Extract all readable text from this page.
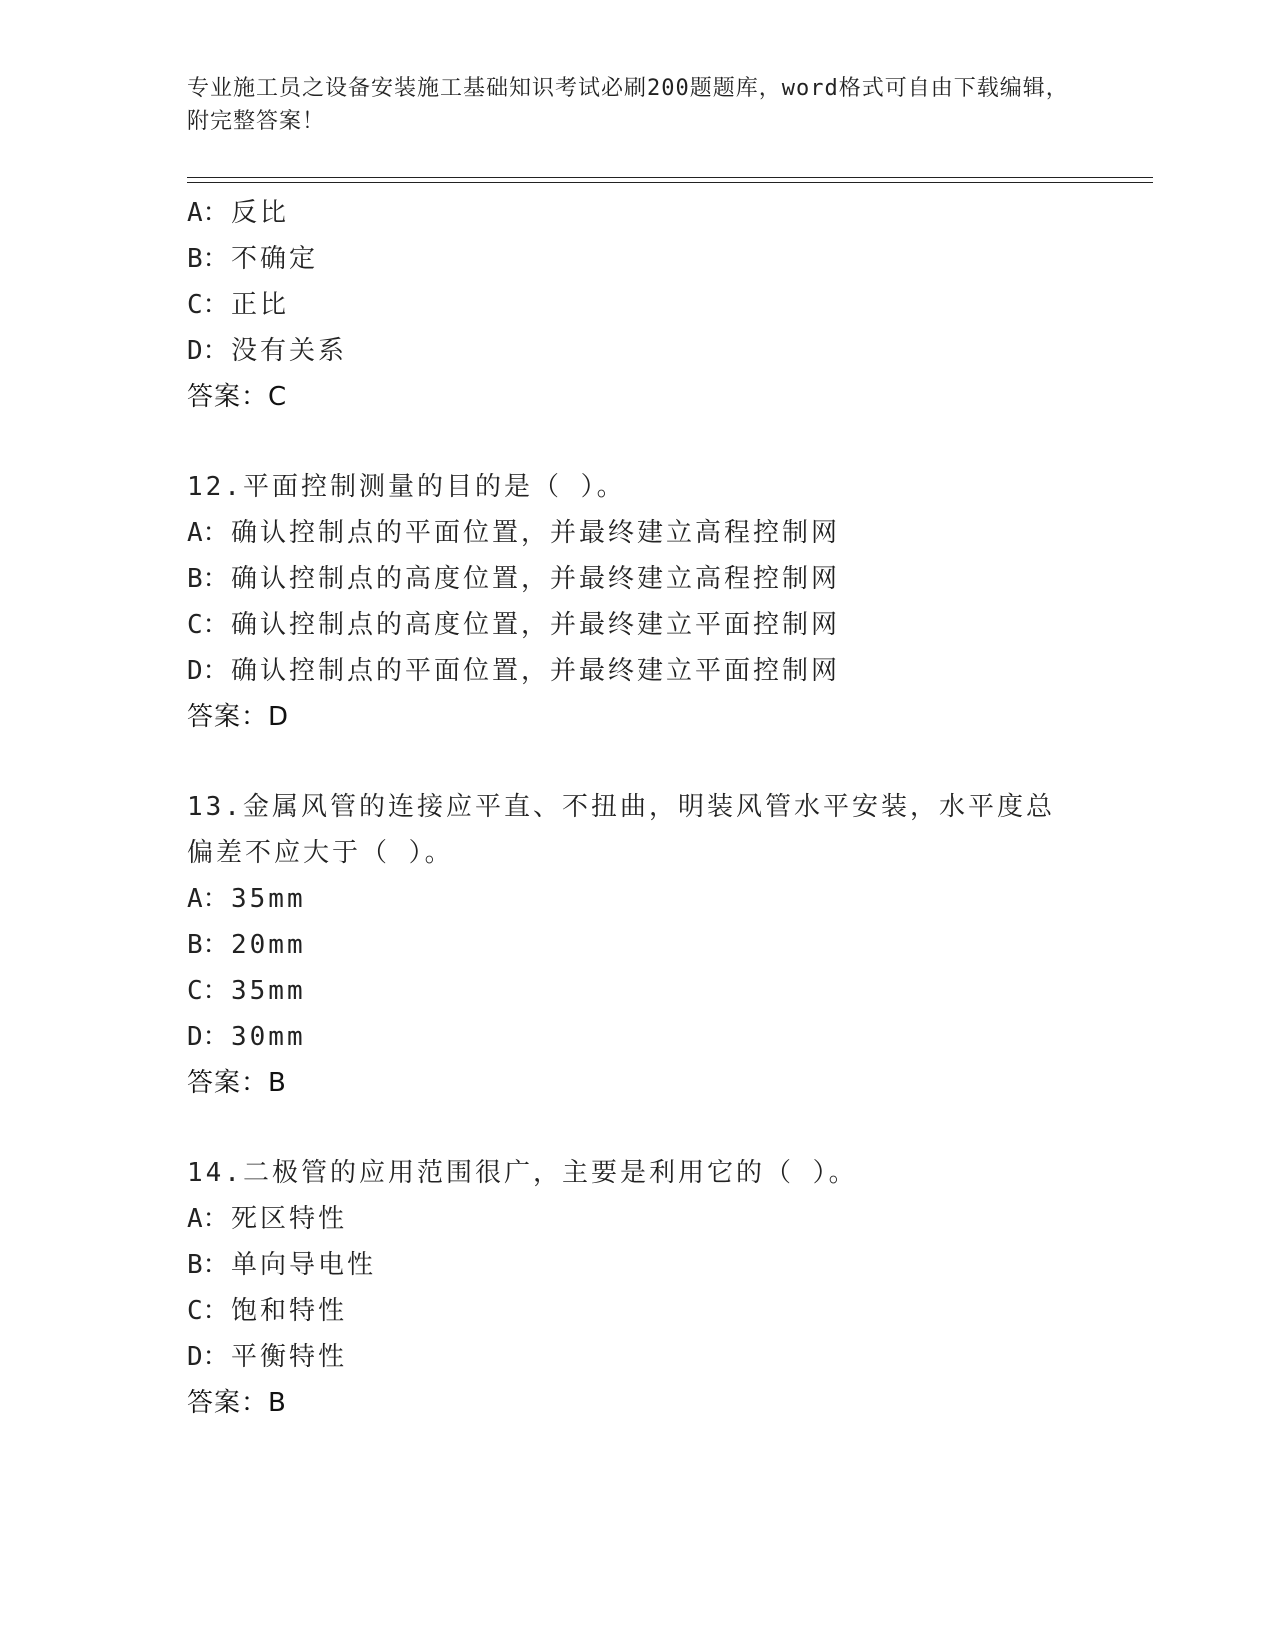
专业施工员之设备安装施工基础知识考试必刷200题题库，word格式可自由下载编辑，附完整答案！
A：反比
B：不确定
C：正比
D：没有关系
答案：C
12.平面控制测量的目的是（ ）。
A：确认控制点的平面位置，并最终建立高程控制网
B：确认控制点的高度位置，并最终建立高程控制网
C：确认控制点的高度位置，并最终建立平面控制网
D：确认控制点的平面位置，并最终建立平面控制网
答案：D
13.金属风管的连接应平直、不扭曲，明装风管水平安装，水平度总偏差不应大于（ ）。
A：35mm
B：20mm
C：35mm
D：30mm
答案：B
14.二极管的应用范围很广，主要是利用它的（ ）。
A：死区特性
B：单向导电性
C：饱和特性
D：平衡特性
答案：B
